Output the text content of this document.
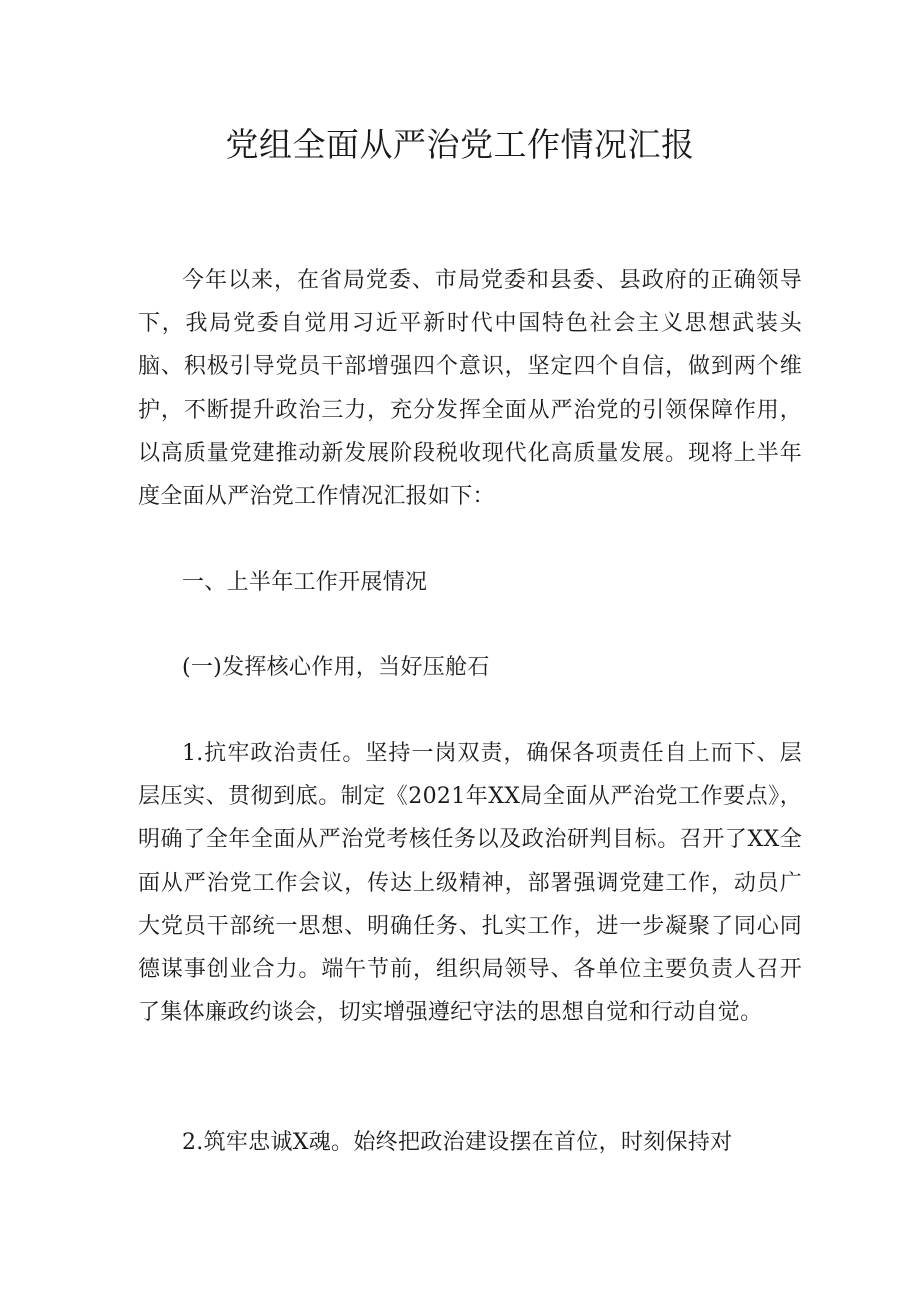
党组全面从严治党工作情况汇报

今年以来，在省局党委、市局党委和县委、县政府的正确领导下，我局党委自觉用习近平新时代中国特色社会主义思想武装头脑、积极引导党员干部增强四个意识，坚定四个自信，做到两个维护，不断提升政治三力，充分发挥全面从严治党的引领保障作用，以高质量党建推动新发展阶段税收现代化高质量发展。现将上半年度全面从严治党工作情况汇报如下：

一、上半年工作开展情况

(一)发挥核心作用，当好压舱石

1.抗牢政治责任。坚持一岗双责，确保各项责任自上而下、层层压实、贯彻到底。制定《2021年XX局全面从严治党工作要点》，明确了全年全面从严治党考核任务以及政治研判目标。召开了XX全面从严治党工作会议，传达上级精神，部署强调党建工作，动员广大党员干部统一思想、明确任务、扎实工作，进一步凝聚了同心同德谋事创业合力。端午节前，组织局领导、各单位主要负责人召开了集体廉政约谈会，切实增强遵纪守法的思想自觉和行动自觉。

2.筑牢忠诚X魂。始终把政治建设摆在首位，时刻保持对
